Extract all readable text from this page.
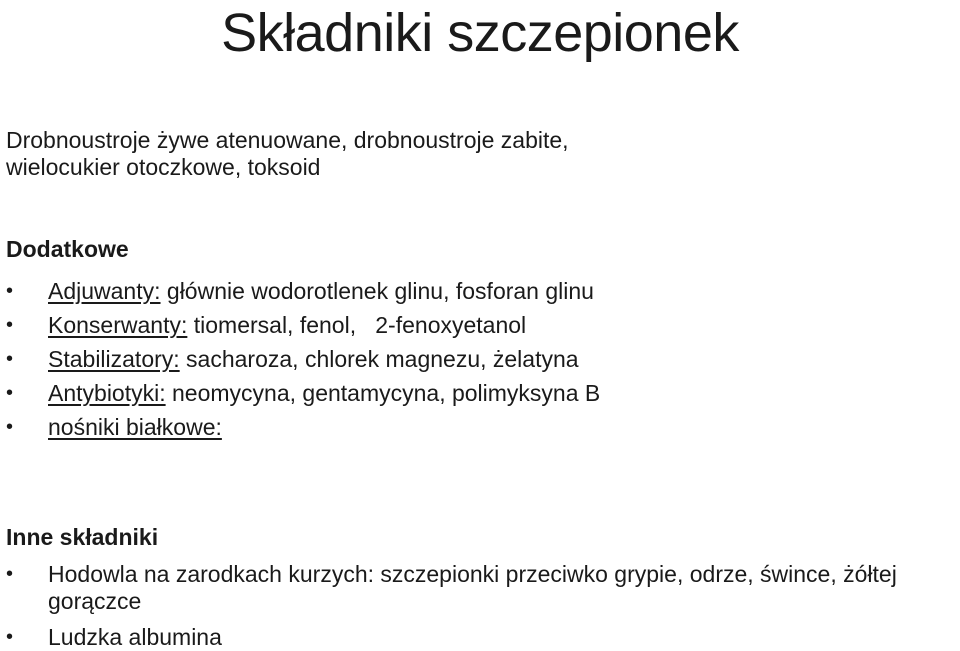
Składniki szczepionek
Drobnoustroje żywe atenuowane, drobnoustroje zabite,
wielocukier otoczkowe, toksoid
Dodatkowe
• Adjuwanty: głównie wodorotlenek glinu, fosforan glinu
• Konserwanty: tiomersal, fenol,   2-fenoxyetanol
• Stabilizatory: sacharoza, chlorek magnezu, żelatyna
• Antybiotyki: neomycyna, gentamycyna, polimyksyna B
• nośniki białkowe:
Inne składniki
• Hodowla na zarodkach kurzych: szczepionki przeciwko grypie, odrze, śwince, żółtej gorączce
• Ludzka albumina
